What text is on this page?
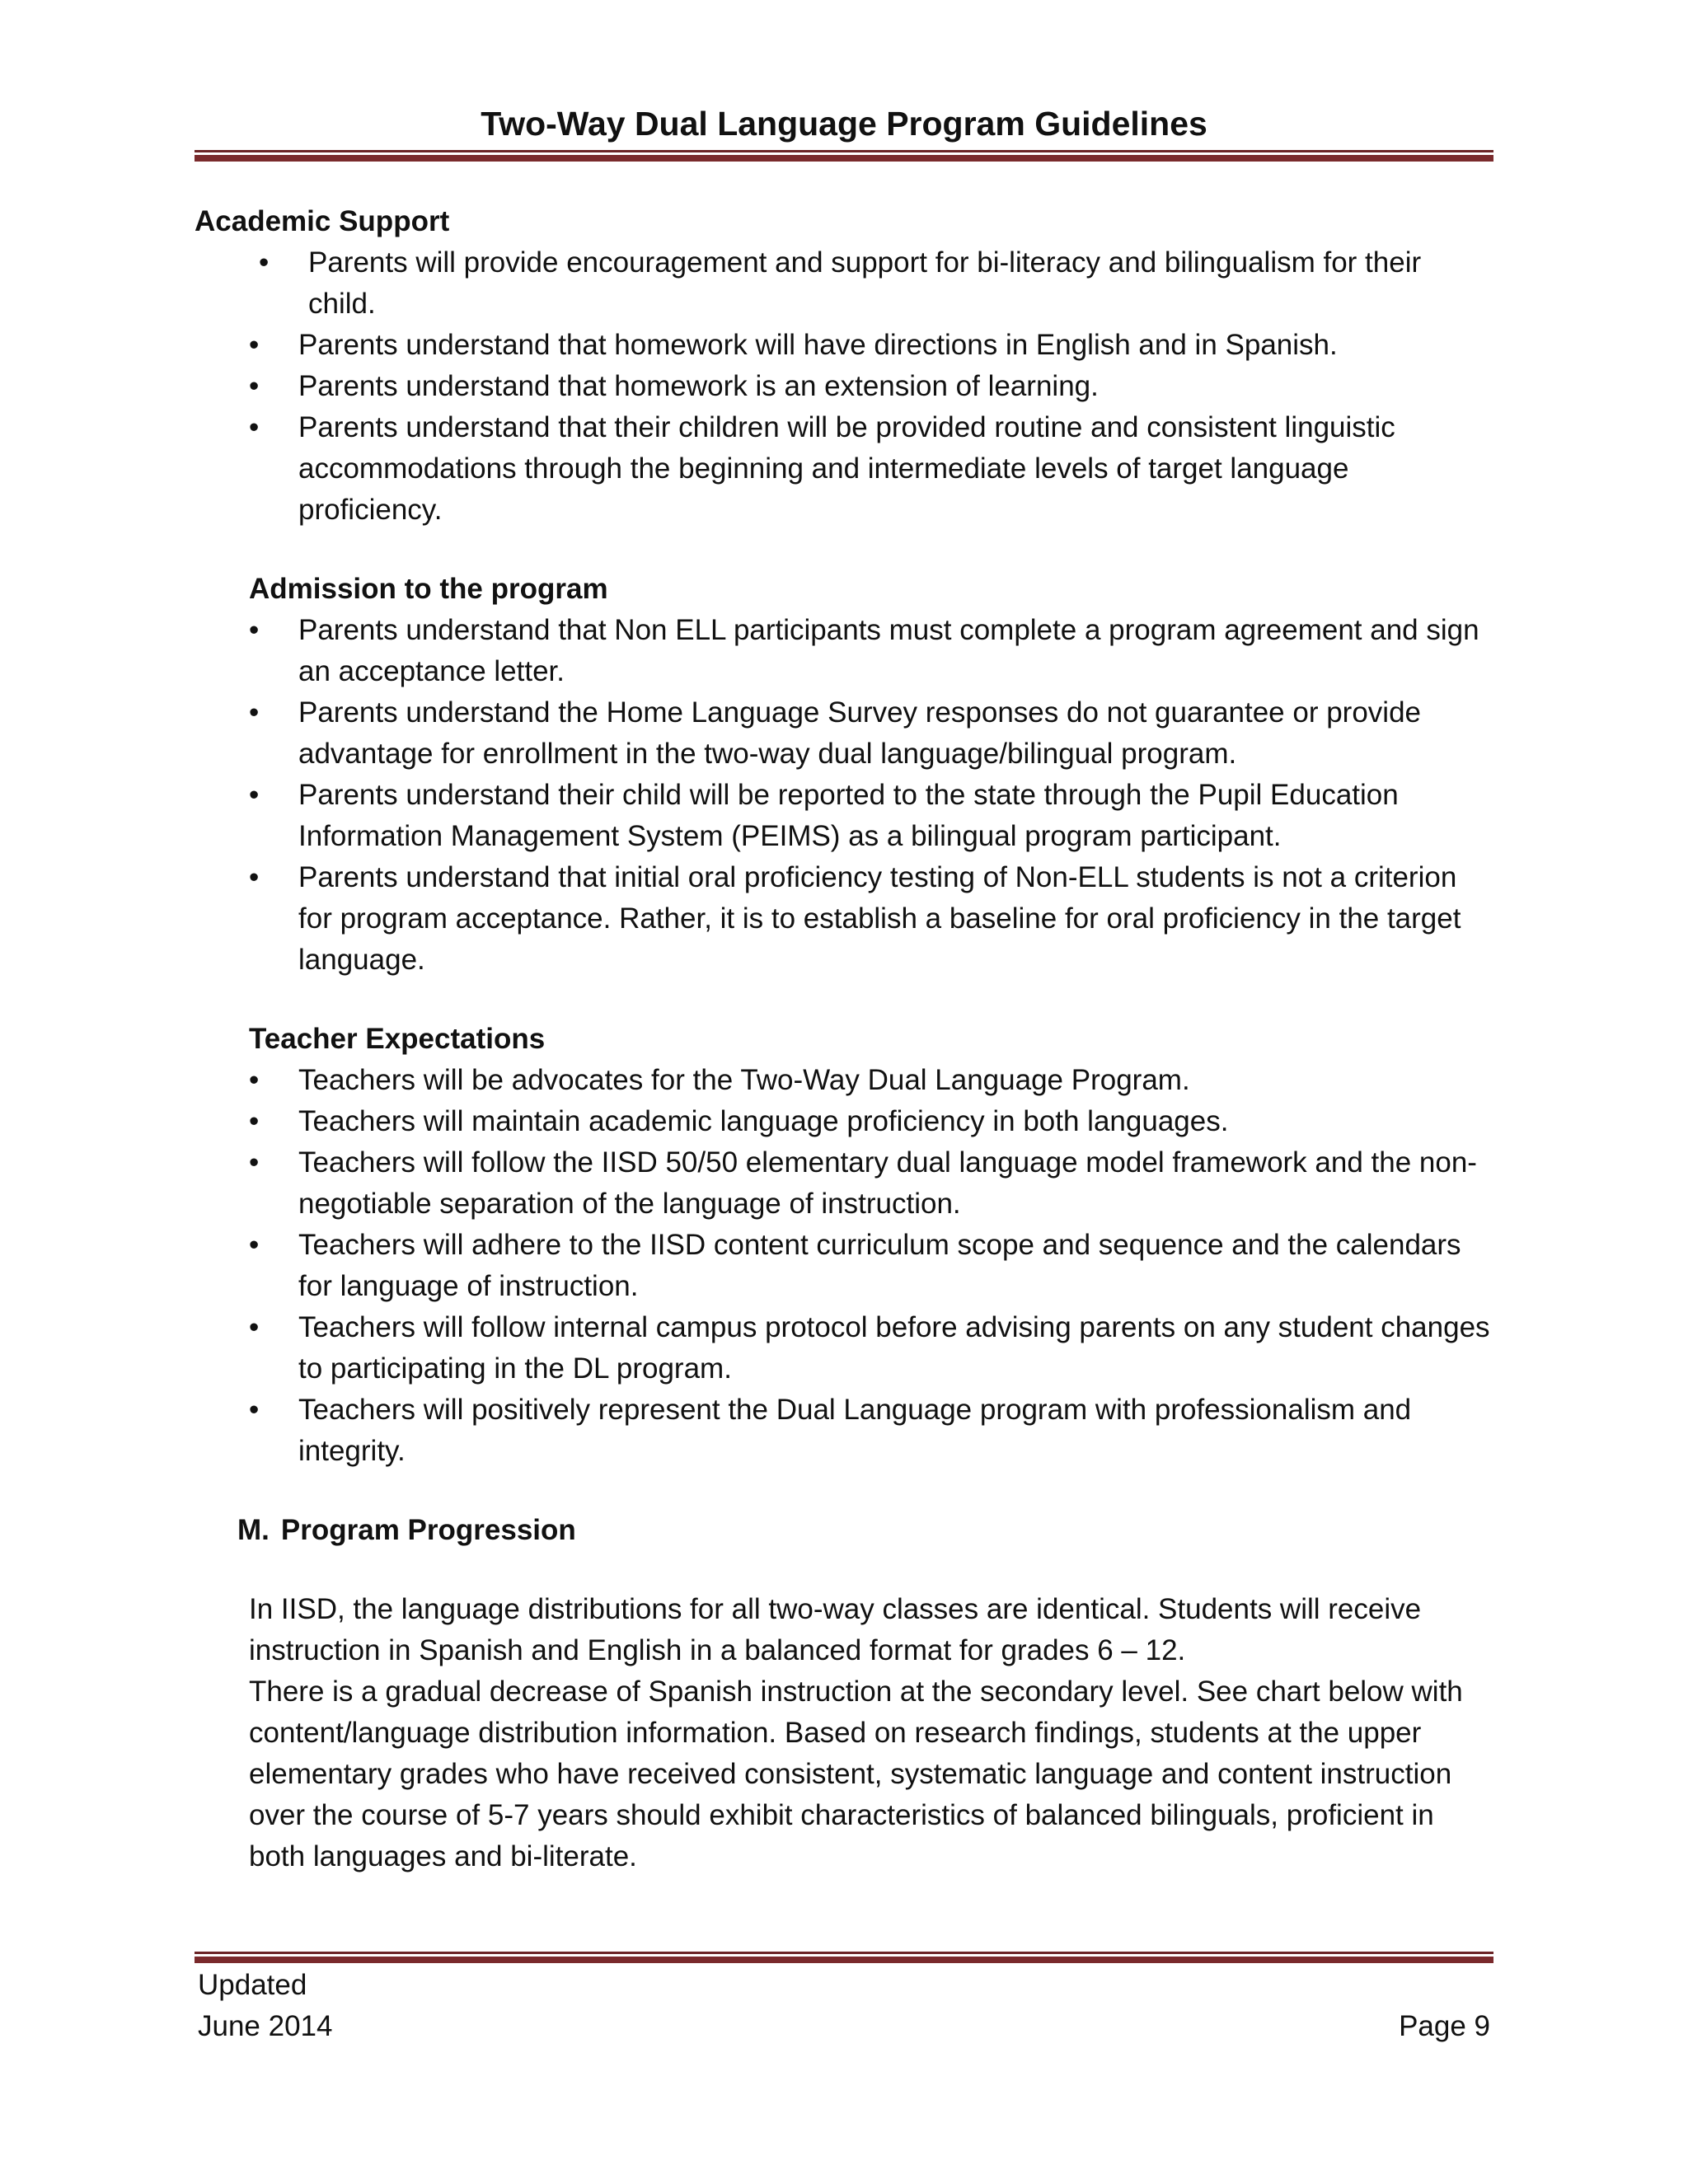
Two-Way Dual Language Program Guidelines

Academic Support

• Parents will provide encouragement and support for bi-literacy and bilingualism for their child.
• Parents understand that homework will have directions in English and in Spanish.
• Parents understand that homework is an extension of learning.
• Parents understand that their children will be provided routine and consistent linguistic accommodations through the beginning and intermediate levels of target language proficiency.

Admission to the program

• Parents understand that Non ELL participants must complete a program agreement and sign an acceptance letter.
• Parents understand the Home Language Survey responses do not guarantee or provide advantage for enrollment in the two-way dual language/bilingual program.
• Parents understand their child will be reported to the state through the Pupil Education Information Management System (PEIMS) as a bilingual program participant.
• Parents understand that initial oral proficiency testing of Non-ELL students is not a criterion for program acceptance. Rather, it is to establish a baseline for oral proficiency in the target language.

Teacher Expectations

• Teachers will be advocates for the Two-Way Dual Language Program.
• Teachers will maintain academic language proficiency in both languages.
• Teachers will follow the IISD 50/50 elementary dual language model framework and the non-negotiable separation of the language of instruction.
• Teachers will adhere to the IISD content curriculum scope and sequence and the calendars for language of instruction.
• Teachers will follow internal campus protocol before advising parents on any student changes to participating in the DL program.
• Teachers will positively represent the Dual Language program with professionalism and integrity.

M. Program Progression

In IISD, the language distributions for all two-way classes are identical. Students will receive instruction in Spanish and English in a balanced format for grades 6 – 12.

There is a gradual decrease of Spanish instruction at the secondary level. See chart below with content/language distribution information. Based on research findings, students at the upper elementary grades who have received consistent, systematic language and content instruction over the course of 5-7 years should exhibit characteristics of balanced bilinguals, proficient in both languages and bi-literate.

Updated
June 2014	Page 9
